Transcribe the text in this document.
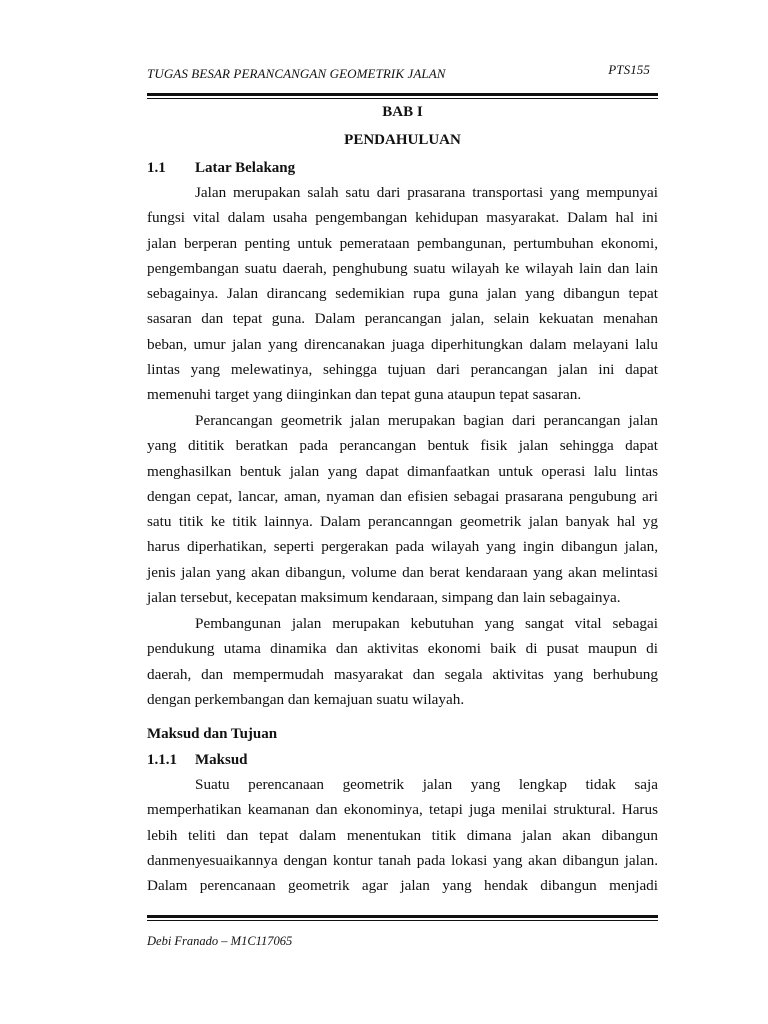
TUGAS BESAR PERANCANGAN GEOMETRIK JALAN	PTS155
BAB I
PENDAHULUAN
1.1 Latar Belakang
Jalan merupakan salah satu dari prasarana transportasi yang mempunyai
fungsi vital dalam usaha pengembangan kehidupan masyarakat. Dalam hal ini
jalan berperan penting untuk pemerataan pembangunan, pertumbuhan ekonomi,
pengembangan suatu daerah, penghubung suatu wilayah ke wilayah lain dan lain
sebagainya. Jalan dirancang sedemikian rupa guna jalan yang dibangun tepat
sasaran dan tepat guna. Dalam perancangan jalan, selain kekuatan menahan
beban, umur jalan yang direncanakan juaga diperhitungkan dalam melayani lalu
lintas yang melewatinya, sehingga tujuan dari perancangan jalan ini dapat
memenuhi target yang diinginkan dan tepat guna ataupun tepat sasaran.
Perancangan geometrik jalan merupakan bagian dari perancangan jalan
yang dititik beratkan pada perancangan bentuk fisik jalan sehingga dapat
menghasilkan bentuk jalan yang dapat dimanfaatkan untuk operasi lalu lintas
dengan cepat, lancar, aman, nyaman dan efisien sebagai prasarana pengubung ari
satu titik ke titik lainnya. Dalam perancanngan geometrik jalan banyak hal yg
harus diperhatikan, seperti pergerakan pada wilayah yang ingin dibangun jalan,
jenis jalan yang akan dibangun, volume dan berat kendaraan yang akan melintasi
jalan tersebut, kecepatan maksimum kendaraan, simpang dan lain sebagainya.
Pembangunan jalan merupakan kebutuhan yang sangat vital sebagai
pendukung utama dinamika dan aktivitas ekonomi baik di pusat maupun di
daerah, dan mempermudah masyarakat dan segala aktivitas yang berhubung
dengan perkembangan dan kemajuan suatu wilayah.
Maksud dan Tujuan
1.1.1 Maksud
Suatu perencanaan geometrik jalan yang lengkap tidak saja
memperhatikan keamanan dan ekonominya, tetapi juga menilai struktural. Harus
lebih teliti dan tepat dalam menentukan titik dimana jalan akan dibangun
danmenyesuaikannya dengan kontur tanah pada lokasi yang akan dibangun jalan.
Dalam perencanaan geometrik agar jalan yang hendak dibangun menjadi
Debi Franado – M1C117065
